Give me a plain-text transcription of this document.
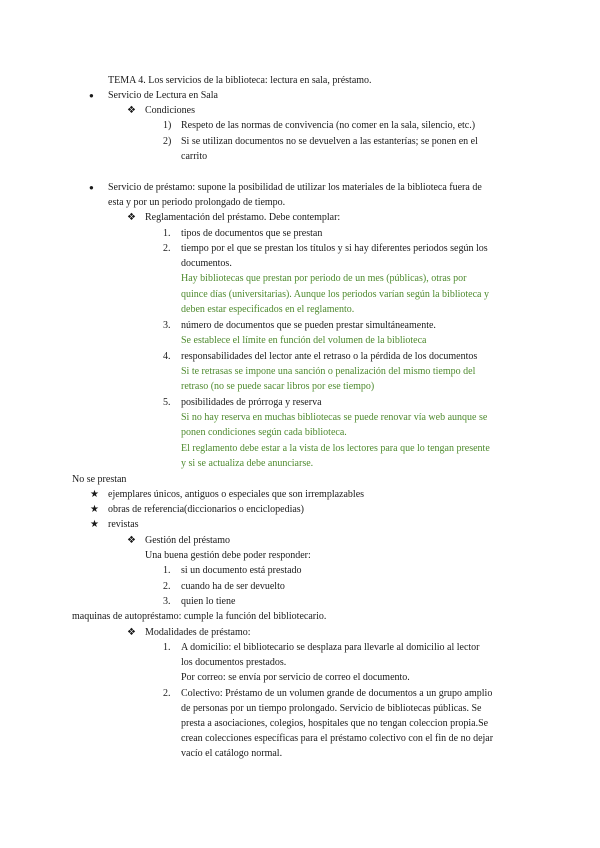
TEMA 4. Los servicios de la biblioteca: lectura en sala, préstamo.
● Servicio de Lectura en Sala
❖ Condiciones
1) Respeto de las normas de convivencia (no comer en la sala, silencio, etc.)
2) Si se utilizan documentos no se devuelven a las estanterías; se ponen en el
carrito
● Servicio de préstamo: supone la posibilidad de utilizar los materiales de la biblioteca fuera de
esta y por un periodo prolongado de tiempo.
❖ Reglamentación del préstamo. Debe contemplar:
1. tipos de documentos que se prestan
2. tiempo por el que se prestan los títulos y si hay diferentes periodos según los
documentos.
Hay bibliotecas que prestan por periodo de un mes (públicas), otras por
quince días (universitarias). Aunque los periodos varían según la biblioteca y
deben estar especificados en el reglamento.
3. número de documentos que se pueden prestar simultáneamente.
Se establece el límite en función del volumen de la biblioteca
4. responsabilidades del lector ante el retraso o la pérdida de los documentos
Si te retrasas se impone una sanción o penalización del mismo tiempo del
retraso (no se puede sacar libros por ese tiempo)
5. posibilidades de prórroga y reserva
Si no hay reserva en muchas bibliotecas se puede renovar vía web aunque se
ponen condiciones según cada biblioteca.
El reglamento debe estar a la vista de los lectores para que lo tengan presente
y si se actualiza debe anunciarse.
No se prestan
★ ejemplares únicos, antiguos o especiales que son irremplazables
★ obras de referencia(diccionarios o enciclopedias)
★ revistas
❖ Gestión del préstamo
Una buena gestión debe poder responder:
1. si un documento está prestado
2. cuando ha de ser devuelto
3. quien lo tiene
maquinas de autopréstamo: cumple la función del bibliotecario.
❖ Modalidades de préstamo:
1. A domicilio: el bibliotecario se desplaza para llevarle al domicilio al lector
los documentos prestados.
Por correo: se envía por servicio de correo el documento.
2. Colectivo: Préstamo de un volumen grande de documentos a un grupo amplio
de personas por un tiempo prolongado. Servicio de bibliotecas públicas. Se
presta a asociaciones, colegios, hospitales que no tengan coleccion propia.Se
crean colecciones específicas para el préstamo colectivo con el fin de no dejar
vacío el catálogo normal.
